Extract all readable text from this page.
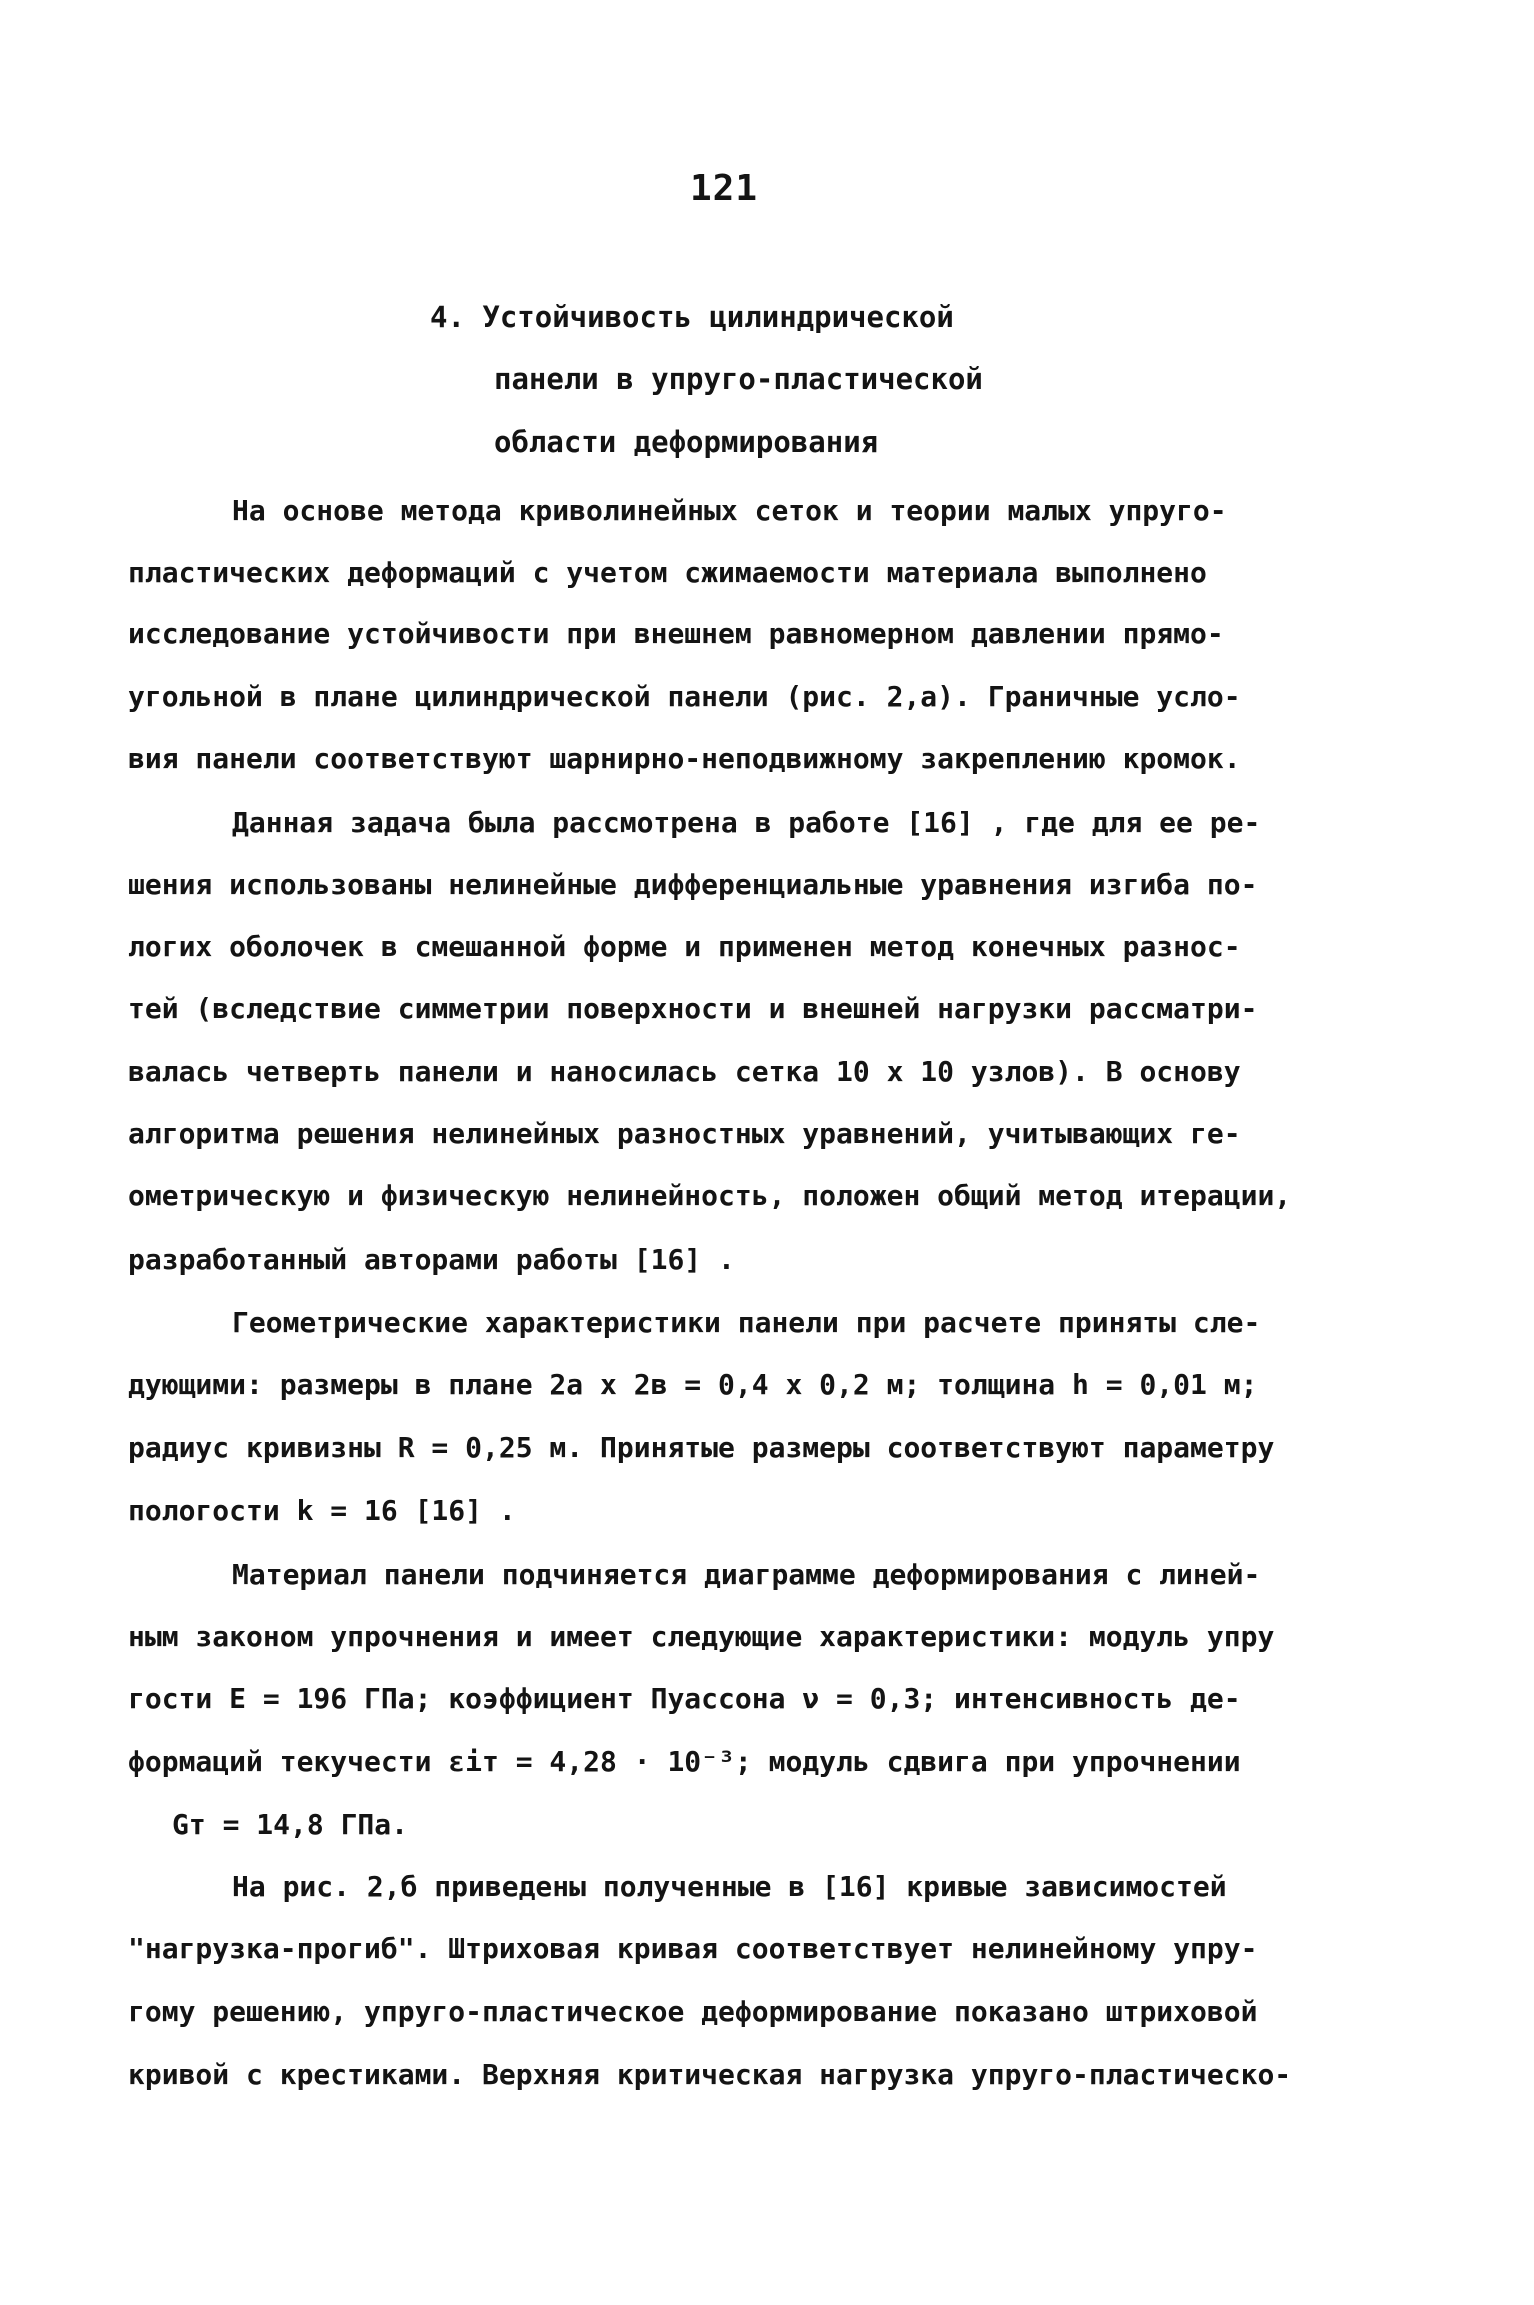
121
4. Устойчивость цилиндрической
панели в упруго-пластической
области деформирования
На основе метода криволинейных сеток и теории малых упруго-
пластических деформаций с учетом сжимаемости материала выполнено
исследование устойчивости при внешнем равномерном давлении прямо-
угольной в плане цилиндрической панели (рис. 2,а). Граничные усло-
вия панели соответствуют шарнирно-неподвижному закреплению кромок.
Данная задача была рассмотрена в работе [16] , где для ее ре-
шения использованы нелинейные дифференциальные уравнения изгиба по-
логих оболочек в смешанной форме и применен метод конечных разнос-
тей (вследствие симметрии поверхности и внешней нагрузки рассматри-
валась четверть панели и наносилась сетка 10 x 10 узлов). В основу
алгоритма решения нелинейных разностных уравнений, учитывающих ге-
ометрическую и физическую нелинейность, положен общий метод итерации,
разработанный авторами работы [16] .
Геометрические характеристики панели при расчете приняты сле-
дующими: размеры в плане 2а x 2в = 0,4 x 0,2 м; толщина h = 0,01 м;
радиус кривизны R = 0,25 м. Принятые размеры соответствуют параметру
пологости k = 16 [16] .
Материал панели подчиняется диаграмме деформирования с линей-
ным законом упрочнения и имеет следующие характеристики: модуль упру
гости E = 196 ГПа; коэффициент Пуассона ν = 0,3; интенсивность де-
формаций текучести εiт = 4,28 · 10⁻³; модуль сдвига при упрочнении
Gт = 14,8 ГПа.
На рис. 2,б приведены полученные в [16] кривые зависимостей
"нагрузка-прогиб". Штриховая кривая соответствует нелинейному упру-
гому решению, упруго-пластическое деформирование показано штриховой
кривой с крестиками. Верхняя критическая нагрузка упруго-пластическо-
